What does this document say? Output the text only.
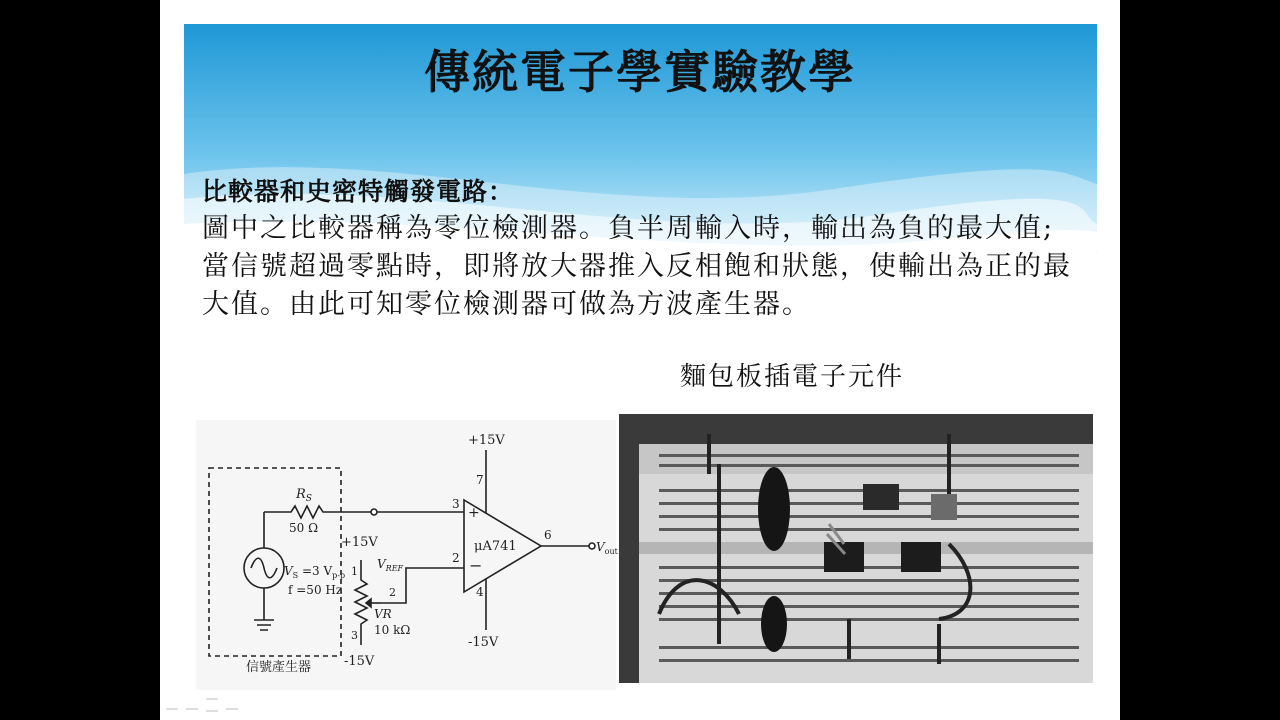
傳統電子學實驗教學
比較器和史密特觸發電路：
圖中之比較器稱為零位檢測器。負半周輸入時，輸出為負的最大值;當信號超過零點時，即將放大器推入反相飽和狀態，使輸出為正的最大值。由此可知零位檢測器可做為方波產生器。
麵包板插電子元件
+
−
+15V
-15V
7
4
3
2
6
μA741	$V_{out}$
$R_S$
50 Ω
+15V
-15V
$V_{REF}$
1
2
3
VR
10 kΩ
$V_S =3$ $V_{p-p}$
f =50 Hz
信號產生器
